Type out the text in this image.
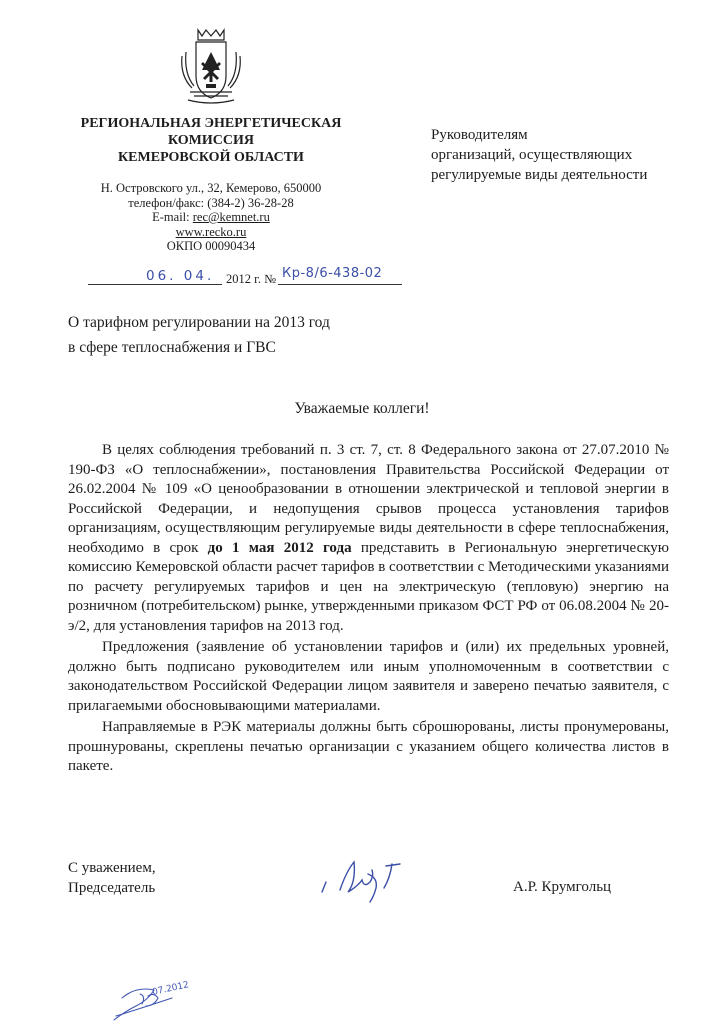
РЕГИОНАЛЬНАЯ ЭНЕРГЕТИЧЕСКАЯ
КОМИССИЯ
КЕМЕРОВСКОЙ ОБЛАСТИ
Н. Островского ул., 32, Кемерово, 650000
телефон/факс: (384-2) 36-28-28
E-mail: rec@kemnet.ru
www.recko.ru
ОКПО 00090434
06. 04. 2012 г. № Кр-8/6-438-02
Руководителям
организаций, осуществляющих
регулируемые виды деятельности
О тарифном регулировании на 2013 год
в сфере теплоснабжения и ГВС
Уважаемые коллеги!

В целях соблюдения требований п. 3 ст. 7, ст. 8 Федерального закона от 27.07.2010 № 190-ФЗ «О теплоснабжении», постановления Правительства Российской Федерации от 26.02.2004 № 109 «О ценообразовании в отношении электрической и тепловой энергии в Российской Федерации, и недопущения срывов процесса установления тарифов организациям, осуществляющим регулируемые виды деятельности в сфере теплоснабжения, необходимо в срок до 1 мая 2012 года представить в Региональную энергетическую комиссию Кемеровской области расчет тарифов в соответствии с Методическими указаниями по расчету регулируемых тарифов и цен на электрическую (тепловую) энергию на розничном (потребительском) рынке, утвержденными приказом ФСТ РФ от 06.08.2004 № 20-э/2, для установления тарифов на 2013 год.

Предложения (заявление об установлении тарифов и (или) их предельных уровней, должно быть подписано руководителем или иным уполномоченным в соответствии с законодательством Российской Федерации лицом заявителя и заверено печатью заявителя, с прилагаемыми обосновывающими материалами.

Направляемые в РЭК материалы должны быть сброшюрованы, листы пронумерованы, прошнурованы, скреплены печатью организации с указанием общего количества листов в пакете.

С уважением,
Председатель	А.Р. Крумгольц
07.2012
